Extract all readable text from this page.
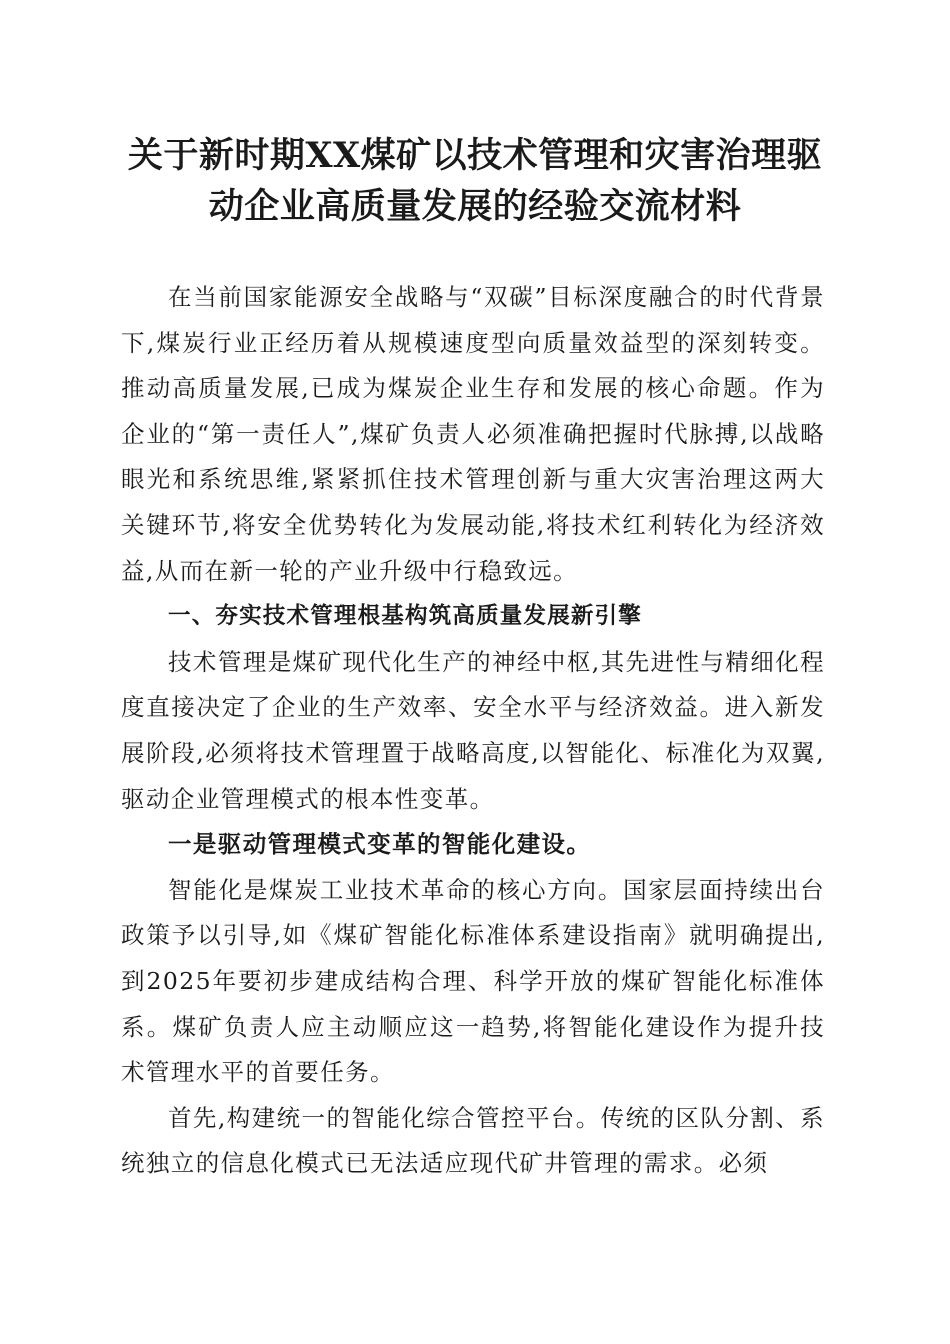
关于新时期XX煤矿以技术管理和灾害治理驱
动企业高质量发展的经验交流材料

在当前国家能源安全战略与“双碳”目标深度融合的时代背景下,煤炭行业正经历着从规模速度型向质量效益型的深刻转变。推动高质量发展,已成为煤炭企业生存和发展的核心命题。作为企业的“第一责任人”,煤矿负责人必须准确把握时代脉搏,以战略眼光和系统思维,紧紧抓住技术管理创新与重大灾害治理这两大关键环节,将安全优势转化为发展动能,将技术红利转化为经济效益,从而在新一轮的产业升级中行稳致远。

一、夯实技术管理根基构筑高质量发展新引擎

技术管理是煤矿现代化生产的神经中枢,其先进性与精细化程度直接决定了企业的生产效率、安全水平与经济效益。进入新发展阶段,必须将技术管理置于战略高度,以智能化、标准化为双翼,驱动企业管理模式的根本性变革。

一是驱动管理模式变革的智能化建设。

智能化是煤炭工业技术革命的核心方向。国家层面持续出台政策予以引导,如《煤矿智能化标准体系建设指南》就明确提出,到2025年要初步建成结构合理、科学开放的煤矿智能化标准体系。煤矿负责人应主动顺应这一趋势,将智能化建设作为提升技术管理水平的首要任务。

首先,构建统一的智能化综合管控平台。传统的区队分割、系统独立的信息化模式已无法适应现代矿井管理的需求。必须
